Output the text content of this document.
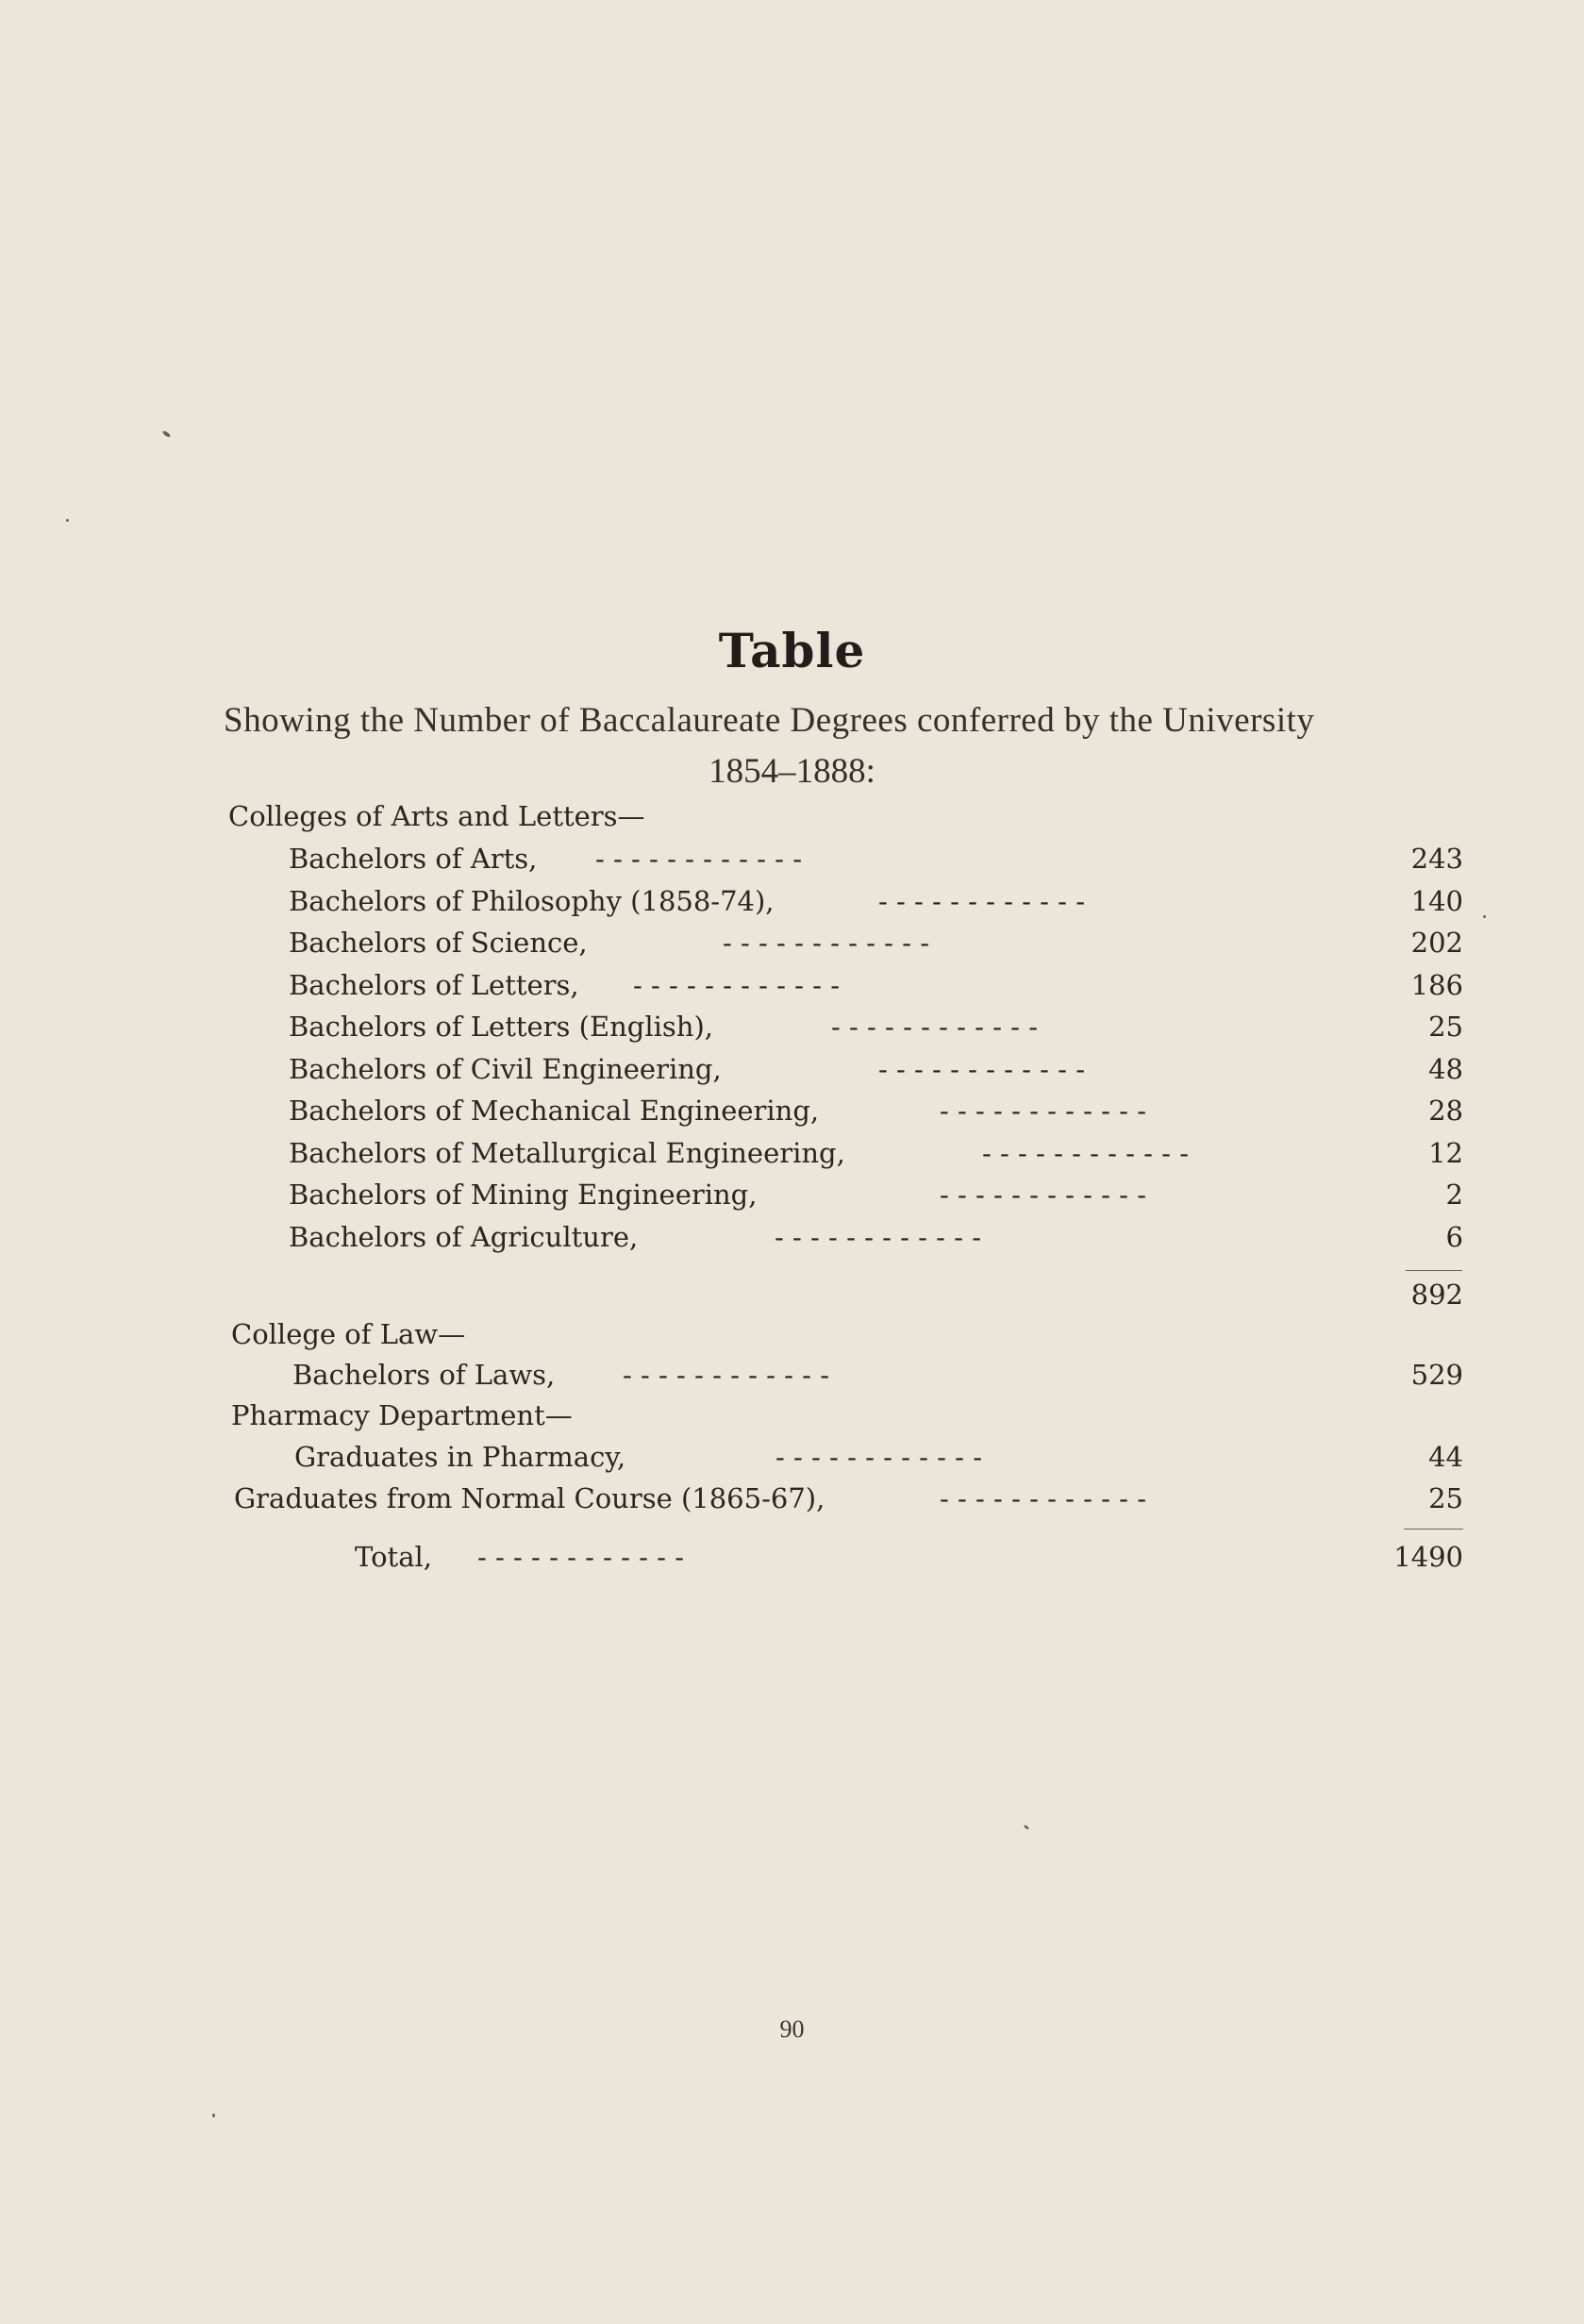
Table
Showing the Number of Baccalaureate Degrees conferred by the University
1854–1888:
Colleges of Arts and Letters—
Bachelors of Arts, - - - - - - - - - - - -	243
Bachelors of Philosophy (1858-74),	- - - - - - - - - - - -	140
Bachelors of Science,	- - - - - - - - - - - -	202
Bachelors of Letters, - - - - - - - - - - - -	186
Bachelors of Letters (English),	- - - - - - - - - - - -	25
Bachelors of Civil Engineering,	- - - - - - - - - - - -	48
Bachelors of Mechanical Engineering,	- - - - - - - - - - - -	28
Bachelors of Metallurgical Engineering,	- - - - - - - - - - - -	12
Bachelors of Mining Engineering,	- - - - - - - - - - - -	2
Bachelors of Agriculture,	- - - - - - - - - - - -	6
892
College of Law—
Bachelors of Laws, - - - - - - - - - - - -	529
Pharmacy Department—
Graduates in Pharmacy,	- - - - - - - - - - - -	44
Graduates from Normal Course (1865-67),	- - - - - - - - - - - -	25
Total, - - - - - - - - - - - -	1490
90
